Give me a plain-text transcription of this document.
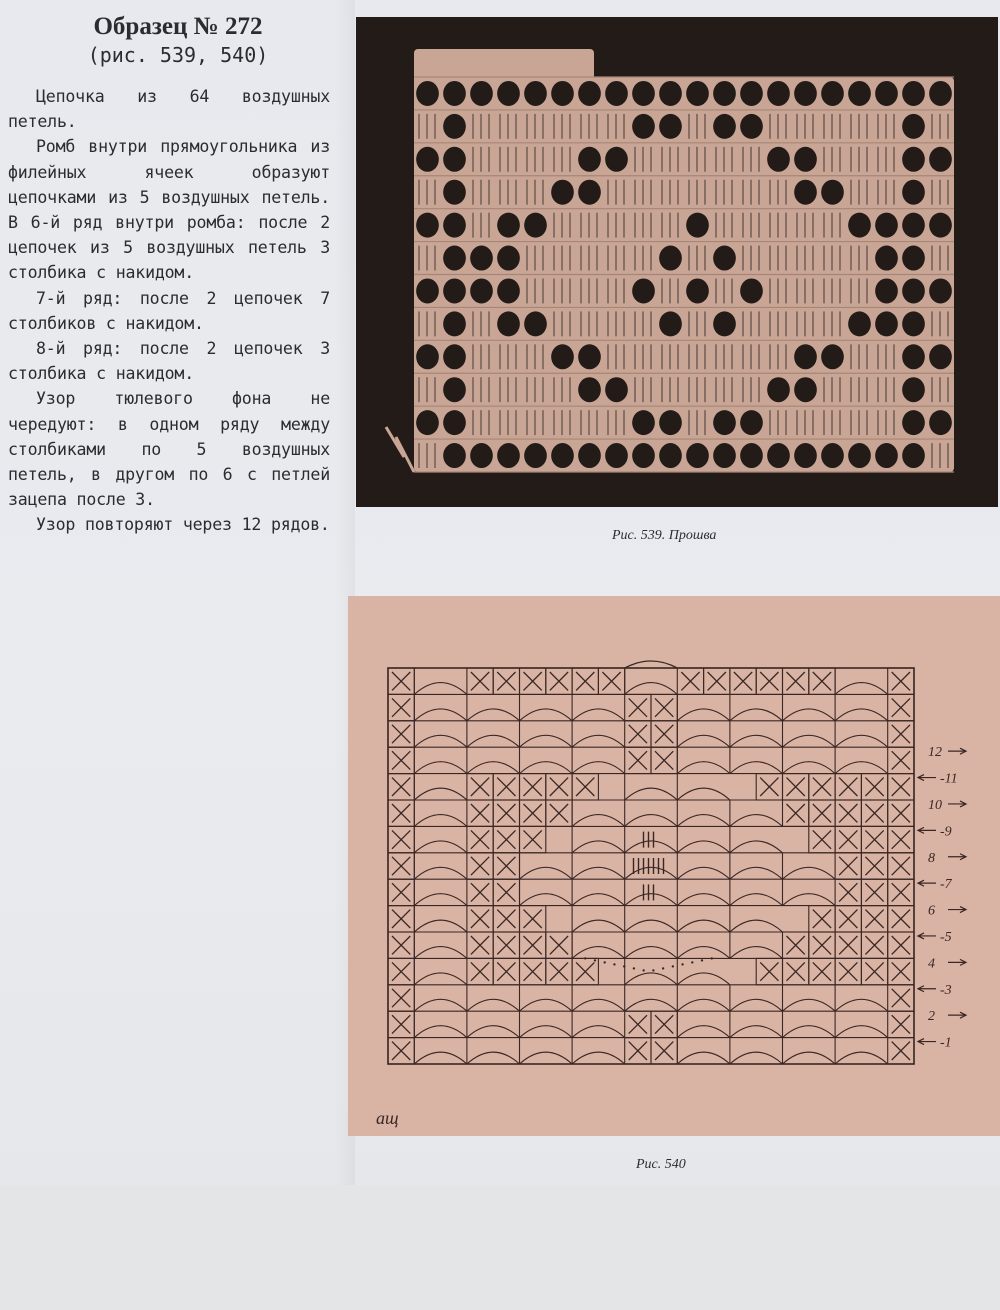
Образец № 272
(рис. 539, 540)

Цепочка из 64 воздушных петель.

Ромб внутри прямоугольника из филейных ячеек образуют цепочками из 5 воздушных петель. В 6-й ряд внутри ромба: после 2 цепочек из 5 воздушных петель 3 столбика с накидом.

7-й ряд: после 2 цепочек 7 столбиков с накидом.

8-й ряд: после 2 цепочек 3 столбика с накидом.

Узор тюлевого фона не чередуют: в одном ряду между столбиками по 5 воздушных петель, в другом по 6 с петлей зацепа после 3.

Узор повторяют через 12 рядов.

Рис. 539. Прошва
12
-11
10
-9
8
-7
6
-5
4
-3
2
-1
ащ
Рис. 540
